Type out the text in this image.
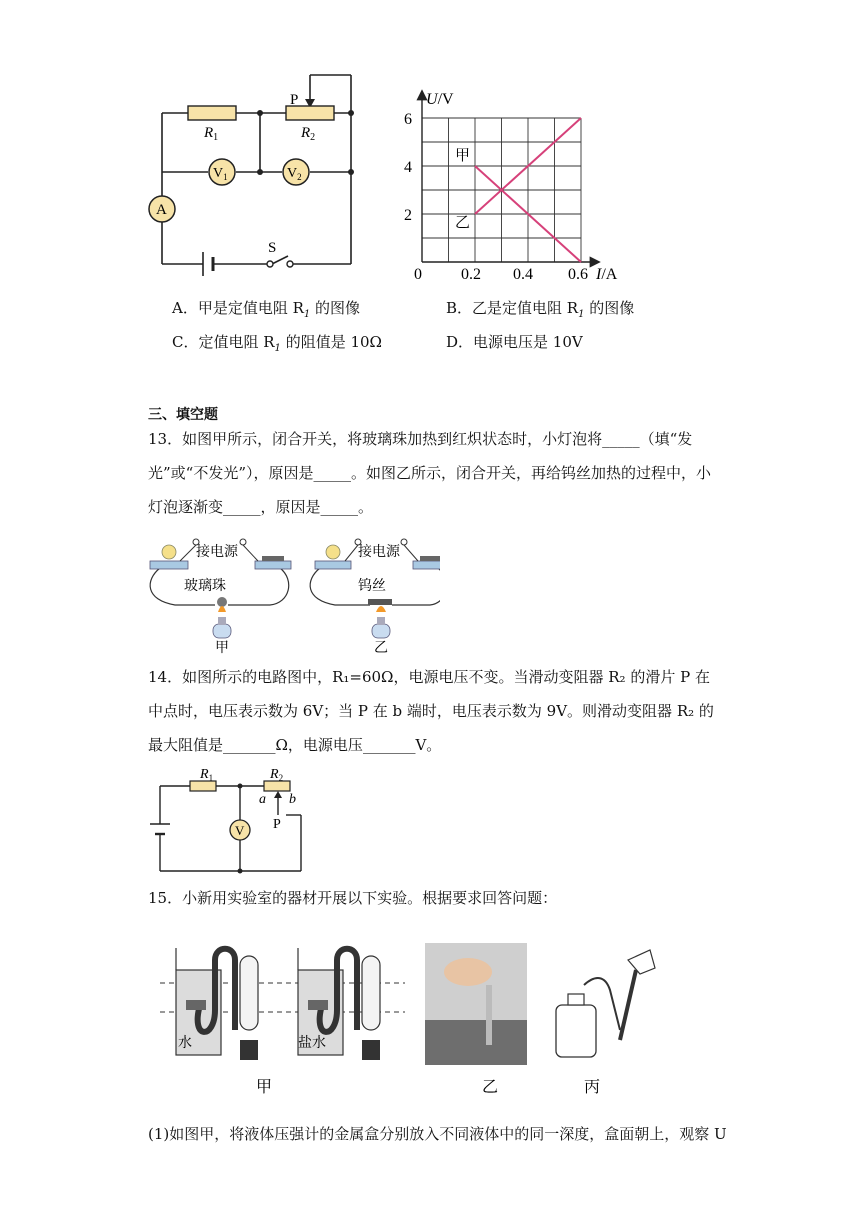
P
$R_1$	$R_2$
$V_1$	$V_2$
A
S
U/V
I/A
6
4
2
0 0.2 0.4 0.6
甲
乙
A．甲是定值电阻 $R_1$ 的图像	B．乙是定值电阻 $R_1$ 的图像
C．定值电阻 $R_1$ 的阻值是 10Ω	D．电源电压是 10V
三、填空题
13．如图甲所示，闭合开关，将玻璃珠加热到红炽状态时，小灯泡将_____（填“发光”或“不发光”），原因是_____。如图乙所示，闭合开关，再给钨丝加热的过程中，小灯泡逐渐变_____，原因是_____。
接电源
玻璃珠
甲
接电源
钨丝
乙
14．如图所示的电路图中，R₁=60Ω，电源电压不变。当滑动变阻器 R₂ 的滑片 P 在中点时，电压表示数为 6V；当 P 在 b 端时，电压表示数为 9V。则滑动变阻器 R₂ 的最大阻值是_______Ω，电源电压_______V。
V
$R_1$	$R_2$
a b
P
15．小新用实验室的器材开展以下实验。根据要求回答问题：
水	盐水
甲	乙	丙
(1)如图甲，将液体压强计的金属盒分别放入不同液体中的同一深度，盒面朝上，观察 U
